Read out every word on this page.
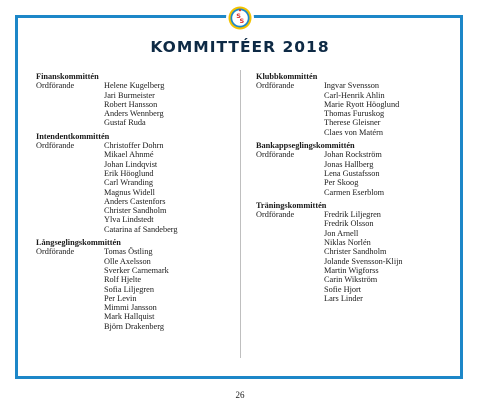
S
S
KOMMITTÉER 2018
Finanskommittén
Ordförande	Helene Kugelberg
Jari Burmeister
Robert Hansson
Anders Wennberg
Gustaf Ruda
Intendentkommittén
Ordförande	Christoffer Dohrn
Mikael Ahnmé
Johan Lindqvist
Erik Höoglund
Carl Wranding
Magnus Widell
Anders Castenfors
Christer Sandholm
Ylva Lindstedt
Catarina af Sandeberg
Långseglingskommittén
Ordförande	Tomas Östling
Olle Axelsson
Sverker Carnemark
Rolf Hjelte
Sofia Liljegren
Per Levin
Mimmi Jansson
Mark Hallquist
Björn Drakenberg
Klubbkommittén
Ordförande	Ingvar Svensson
Carl-Henrik Ahlin
Marie Ryott Höoglund
Thomas Furuskog
Therese Gleisner
Claes von Matérn
Bankappseglingskommittén
Ordförande	Johan Rockström
Jonas Hallberg
Lena Gustafsson
Per Skoog
Carmen Eserblom
Träningskommittén
Ordförande	Fredrik Liljegren
Fredrik Olsson
Jon Arnell
Niklas Norlén
Christer Sandholm
Jolande Svensson-Klijn
Martin Wigforss
Carin Wikström
Sofie Hjort
Lars Linder
26
